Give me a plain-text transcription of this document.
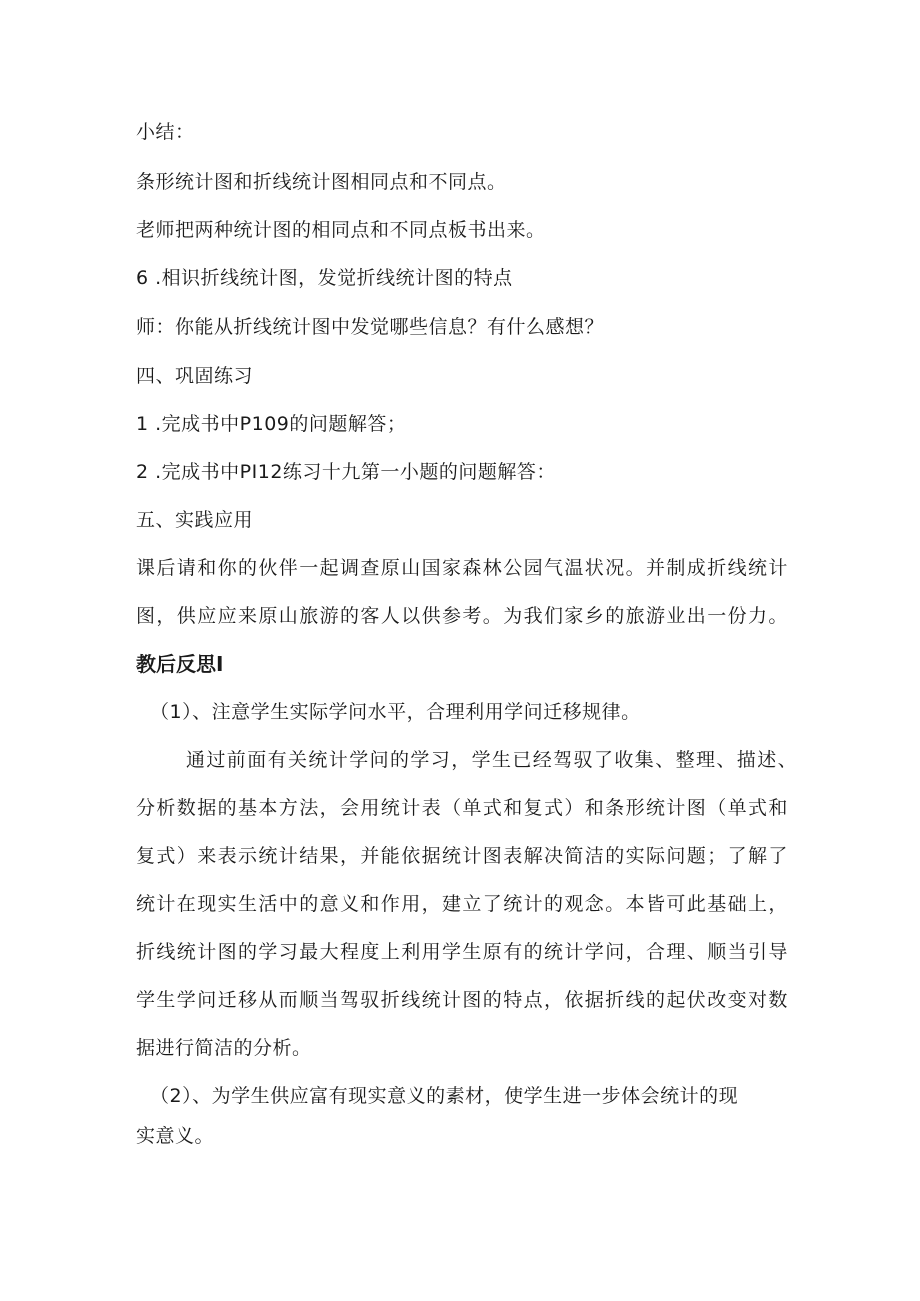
小结：
条形统计图和折线统计图相同点和不同点。
老师把两种统计图的相同点和不同点板书出来。
6 .相识折线统计图，发觉折线统计图的特点
师：你能从折线统计图中发觉哪些信息？有什么感想？
四、巩固练习
1 .完成书中P109的问题解答；
2 .完成书中PI12练习十九第一小题的问题解答：
五、实践应用
课后请和你的伙伴一起调查原山国家森林公园气温状况。并制成折线统计
图，供应应来原山旅游的客人以供参考。为我们家乡的旅游业出一份力。
教后反思I
（1）、注意学生实际学问水平，合理利用学问迁移规律。
通过前面有关统计学问的学习，学生已经驾驭了收集、整理、描述、
分析数据的基本方法，会用统计表（单式和复式）和条形统计图（单式和
复式）来表示统计结果，并能依据统计图表解决简洁的实际问题；了解了
统计在现实生活中的意义和作用，建立了统计的观念。本皆可此基础上，
折线统计图的学习最大程度上利用学生原有的统计学问，合理、顺当引导
学生学问迁移从而顺当驾驭折线统计图的特点，依据折线的起伏改变对数
据进行简洁的分析。
（2）、为学生供应富有现实意义的素材，使学生进一步体会统计的现
实意义。
